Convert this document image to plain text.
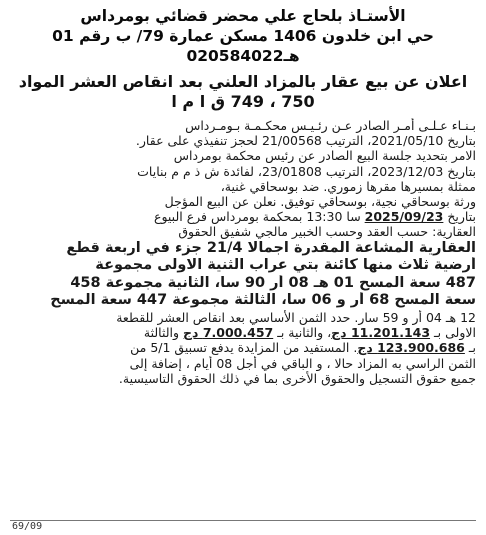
الأستـاذ بلحاج علي محضر قضائي بومرداس
حي ابن خلدون 1406 مسكن عمارة 79/ ب رقم 01
هـ020584022
اعلان عن بيع عقار بالمزاد العلني بعد انقاص العشر المواد
750 ، 749 ق ا م ا
بـنـاء عـلـى أمـر الصادر عـن رئـيـس محكـمـة بـومـرداس
بتاريخ 2021/05/10، الترتيب 21/00568 لحجز تنفيذي على عقار.
الامر بتحديد جلسة البيع الصادر عن رئيس محكمة بومرداس
بتاريخ 2023/12/03، الترتيب 23/01808، لفائدة ش ذ م م بنايات
ممثلة بمسيرها مقرها زموري. ضد بوسحاقي غنية،
ورثة بوسحاقي نجية، بوسحاقي توفيق. نعلن عن البيع المؤجل
بتاريخ 2025/09/23 سا 13:30 بمحكمة بومرداس فرع البيوع
العقارية: حسب العقد وحسب الخبير مالجي شفيق الحقوق
العقارية المشاعة المقدرة اجمالا 21/4 جزء في اربعة قطع
أرضية ثلاث منها كائنة بتي عراب الثنية الاولى مجموعة
487 سعة المسح 01 هـ 08 أر 90 سا، الثانية مجموعة 458
سعة المسح 68 أر و 06 سا، الثالثة مجموعة 447 سعة المسح
12 هـ 04 أر و 59 سار. حدد الثمن الأساسي بعد انقاص العشر للقطعة
الاولى بـ 11.201.143 دج، والثانية بـ 7.000.457 دج والثالثة
بـ 123.900.686 دج. المستفيد من المزايدة يدفع تسبيق 5/1 من
الثمن الراسي به المزاد حالا ، و الباقي في أجل 08 أيام ، إضافة إلى
جميع حقوق التسجيل والحقوق الأخرى بما في ذلك الحقوق التاسيسية.
69/09
